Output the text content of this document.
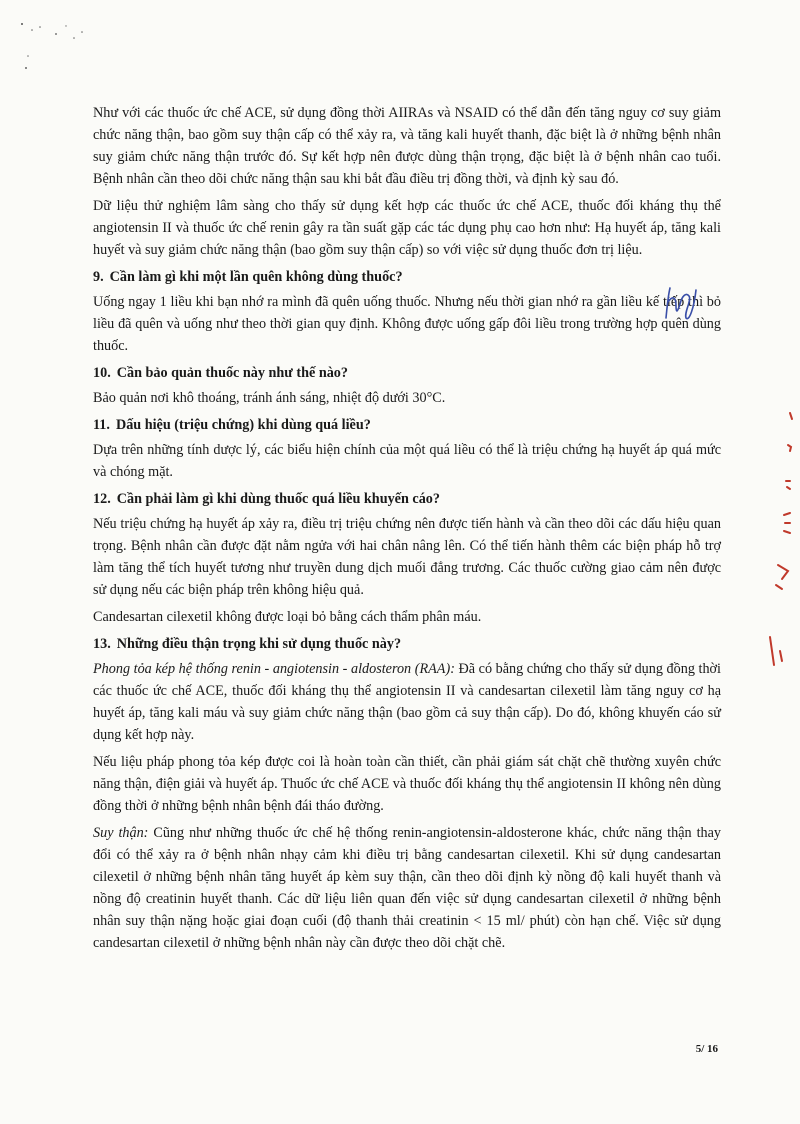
Như với các thuốc ức chế ACE, sử dụng đồng thời AIIRAs và NSAID có thể dẫn đến tăng nguy cơ suy giảm chức năng thận, bao gồm suy thận cấp có thể xảy ra, và tăng kali huyết thanh, đặc biệt là ở những bệnh nhân suy giảm chức năng thận trước đó. Sự kết hợp nên được dùng thận trọng, đặc biệt là ở bệnh nhân cao tuổi. Bệnh nhân cần theo dõi chức năng thận sau khi bắt đầu điều trị đồng thời, và định kỳ sau đó.

Dữ liệu thử nghiệm lâm sàng cho thấy sử dụng kết hợp các thuốc ức chế ACE, thuốc đối kháng thụ thể angiotensin II và thuốc ức chế renin gây ra tần suất gặp các tác dụng phụ cao hơn như: Hạ huyết áp, tăng kali huyết và suy giảm chức năng thận (bao gồm suy thận cấp) so với việc sử dụng thuốc đơn trị liệu.

9. Cần làm gì khi một lần quên không dùng thuốc?

Uống ngay 1 liều khi bạn nhớ ra mình đã quên uống thuốc. Nhưng nếu thời gian nhớ ra gần liều kế tiếp thì bỏ liều đã quên và uống như theo thời gian quy định. Không được uống gấp đôi liều trong trường hợp quên dùng thuốc.

10. Cần bảo quản thuốc này như thế nào?

Bảo quản nơi khô thoáng, tránh ánh sáng, nhiệt độ dưới 30°C.

11. Dấu hiệu (triệu chứng) khi dùng quá liều?

Dựa trên những tính dược lý, các biểu hiện chính của một quá liều có thể là triệu chứng hạ huyết áp quá mức và chóng mặt.

12. Cần phải làm gì khi dùng thuốc quá liều khuyến cáo?

Nếu triệu chứng hạ huyết áp xảy ra, điều trị triệu chứng nên được tiến hành và cần theo dõi các dấu hiệu quan trọng. Bệnh nhân cần được đặt nằm ngửa với hai chân nâng lên. Có thể tiến hành thêm các biện pháp hỗ trợ làm tăng thể tích huyết tương như truyền dung dịch muối đẳng trương. Các thuốc cường giao cảm nên được sử dụng nếu các biện pháp trên không hiệu quả.

Candesartan cilexetil không được loại bỏ bằng cách thẩm phân máu.

13. Những điều thận trọng khi sử dụng thuốc này?

Phong tỏa kép hệ thống renin - angiotensin - aldosteron (RAA): Đã có bằng chứng cho thấy sử dụng đồng thời các thuốc ức chế ACE, thuốc đối kháng thụ thể angiotensin II và candesartan cilexetil làm tăng nguy cơ hạ huyết áp, tăng kali máu và suy giảm chức năng thận (bao gồm cả suy thận cấp). Do đó, không khuyến cáo sử dụng kết hợp này.

Nếu liệu pháp phong tỏa kép được coi là hoàn toàn cần thiết, cần phải giám sát chặt chẽ thường xuyên chức năng thận, điện giải và huyết áp. Thuốc ức chế ACE và thuốc đối kháng thụ thể angiotensin II không nên dùng đồng thời ở những bệnh nhân bệnh đái tháo đường.

Suy thận: Cũng như những thuốc ức chế hệ thống renin-angiotensin-aldosterone khác, chức năng thận thay đổi có thể xảy ra ở bệnh nhân nhạy cảm khi điều trị bằng candesartan cilexetil. Khi sử dụng candesartan cilexetil ở những bệnh nhân tăng huyết áp kèm suy thận, cần theo dõi định kỳ nồng độ kali huyết thanh và nồng độ creatinin huyết thanh. Các dữ liệu liên quan đến việc sử dụng candesartan cilexetil ở những bệnh nhân suy thận nặng hoặc giai đoạn cuối (độ thanh thải creatinin < 15 ml/ phút) còn hạn chế. Việc sử dụng candesartan cilexetil ở những bệnh nhân này cần được theo dõi chặt chẽ.

5/ 16
